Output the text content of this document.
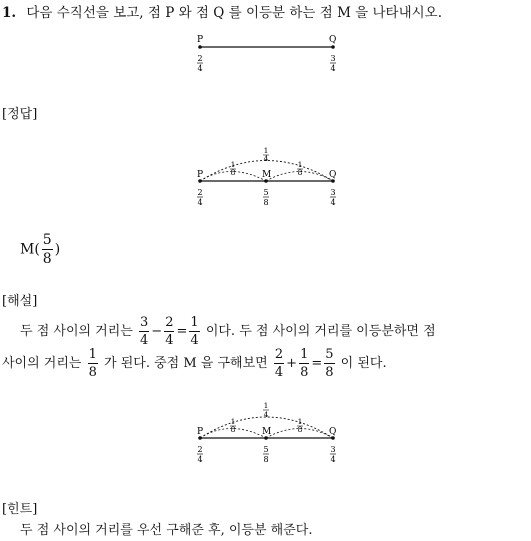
1. 다음 수직선을 보고, 점 P 와 점 Q 를 이등분 하는 점 M 을 나타내시오.
P	Q
2
4
3
4
[정답]
1
4
1
8
1
8
P	M	Q
2
4
5
8
3
4
$M( \frac{5}{8}$ )
[해설]
두 점 사이의 거리는 $\frac{3}{4} - \frac{2}{4} = \frac{1}{4}$ 이다. 두 점 사이의 거리를 이등분하면 점
사이의 거리는 $\frac{1}{8}$ 가 된다. 중점 M 을 구해보면 $\frac{2}{4} + \frac{1}{8} = \frac{5}{8}$ 이 된다.
1
4
1
8
1
8
P	M	Q
2
4
5
8
3
4
[힌트]
두 점 사이의 거리를 우선 구해준 후, 이등분 해준다.
